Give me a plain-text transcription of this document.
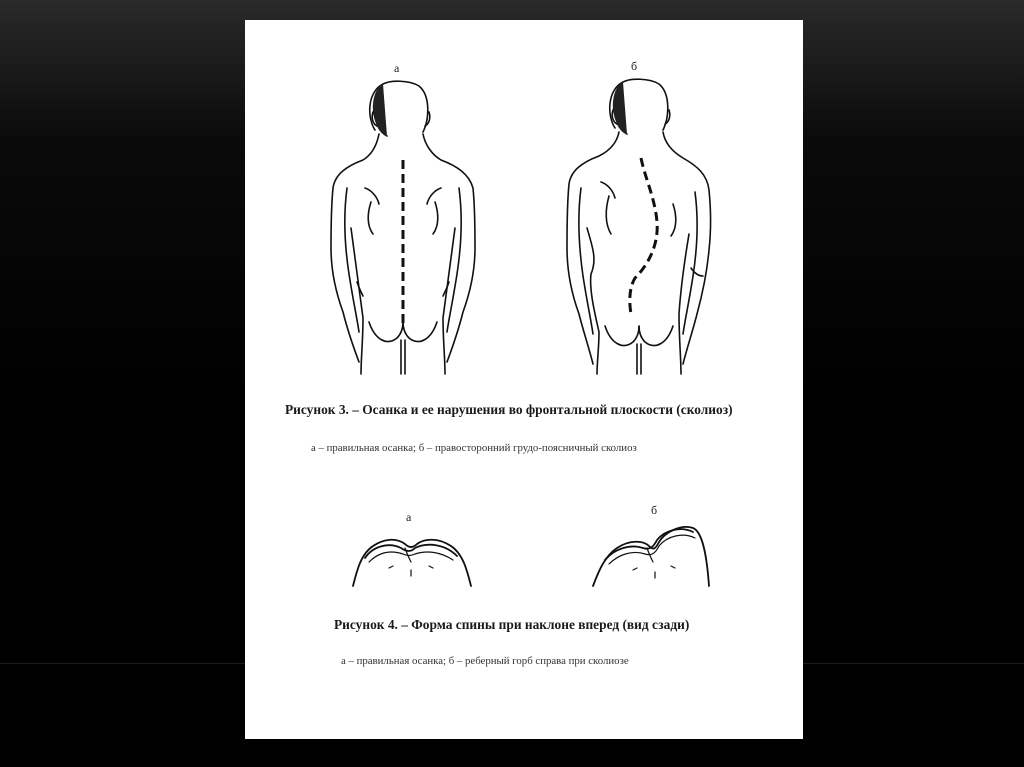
а	б
Рисунок 3. – Осанка и ее нарушения во фронтальной плоскости (сколиоз)
а – правильная осанка; б – правосторонний грудо-поясничный сколиоз
а	б
Рисунок 4. – Форма спины при наклоне вперед (вид сзади)
а – правильная осанка; б – реберный горб справа при сколиозе
